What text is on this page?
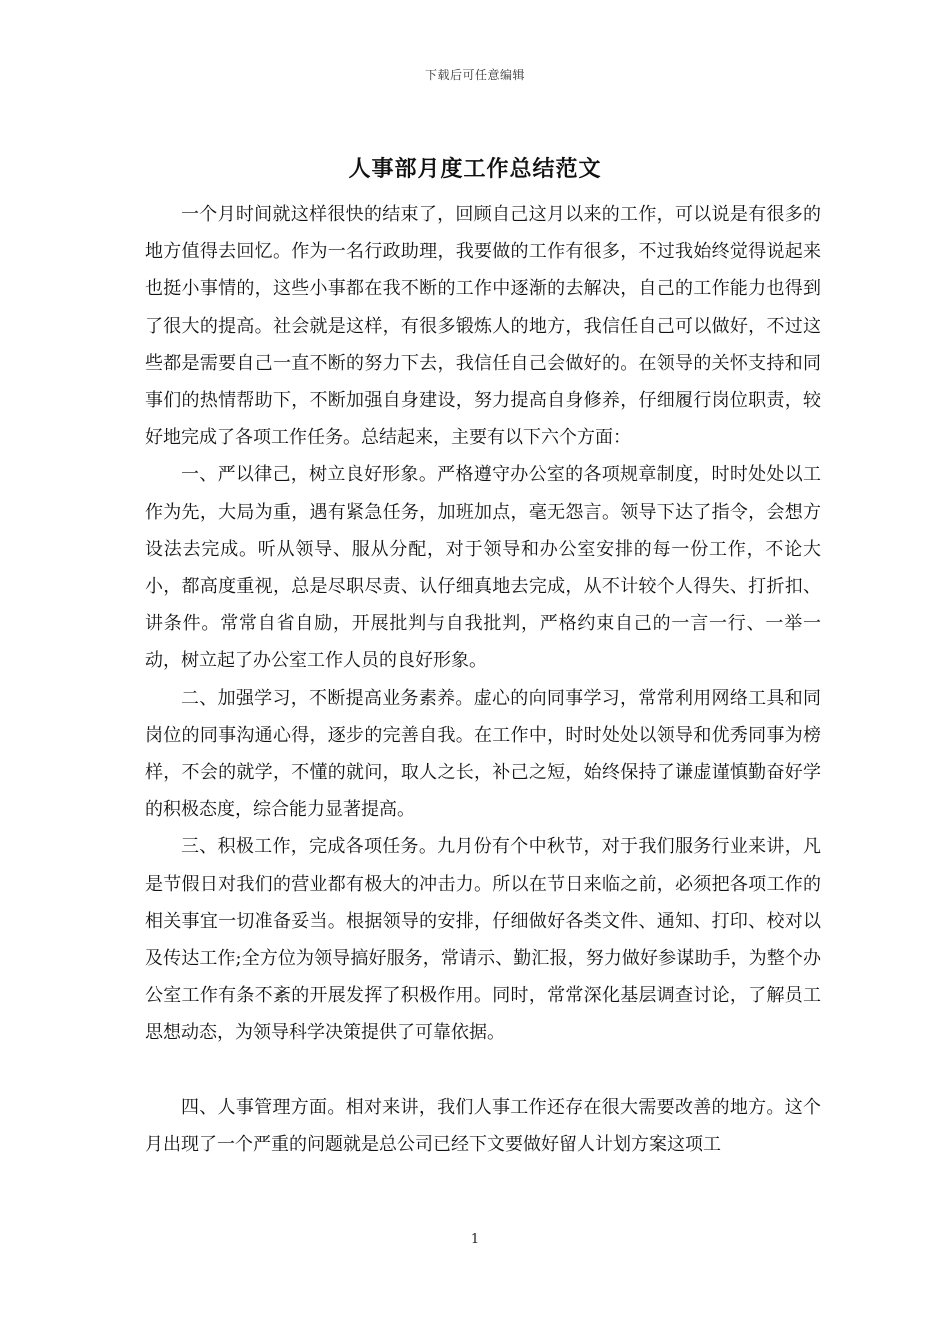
下载后可任意编辑
人事部月度工作总结范文

一个月时间就这样很快的结束了，回顾自己这月以来的工作，可以说是有很多的地方值得去回忆。作为一名行政助理，我要做的工作有很多，不过我始终觉得说起来也挺小事情的，这些小事都在我不断的工作中逐渐的去解决，自己的工作能力也得到了很大的提高。社会就是这样，有很多锻炼人的地方，我信任自己可以做好，不过这些都是需要自己一直不断的努力下去，我信任自己会做好的。在领导的关怀支持和同事们的热情帮助下，不断加强自身建设，努力提高自身修养，仔细履行岗位职责，较好地完成了各项工作任务。总结起来，主要有以下六个方面：

一、严以律己，树立良好形象。严格遵守办公室的各项规章制度，时时处处以工作为先，大局为重，遇有紧急任务，加班加点，毫无怨言。领导下达了指令，会想方设法去完成。听从领导、服从分配，对于领导和办公室安排的每一份工作，不论大小，都高度重视，总是尽职尽责、认仔细真地去完成，从不计较个人得失、打折扣、讲条件。常常自省自励，开展批判与自我批判，严格约束自己的一言一行、一举一动，树立起了办公室工作人员的良好形象。

二、加强学习，不断提高业务素养。虚心的向同事学习，常常利用网络工具和同岗位的同事沟通心得，逐步的完善自我。在工作中，时时处处以领导和优秀同事为榜样，不会的就学，不懂的就问，取人之长，补己之短，始终保持了谦虚谨慎勤奋好学的积极态度，综合能力显著提高。

三、积极工作，完成各项任务。九月份有个中秋节，对于我们服务行业来讲，凡是节假日对我们的营业都有极大的冲击力。所以在节日来临之前，必须把各项工作的相关事宜一切准备妥当。根据领导的安排，仔细做好各类文件、通知、打印、校对以及传达工作;全方位为领导搞好服务，常请示、勤汇报，努力做好参谋助手，为整个办公室工作有条不紊的开展发挥了积极作用。同时，常常深化基层调查讨论，了解员工思想动态，为领导科学决策提供了可靠依据。

四、人事管理方面。相对来讲，我们人事工作还存在很大需要改善的地方。这个月出现了一个严重的问题就是总公司已经下文要做好留人计划方案这项工

1
